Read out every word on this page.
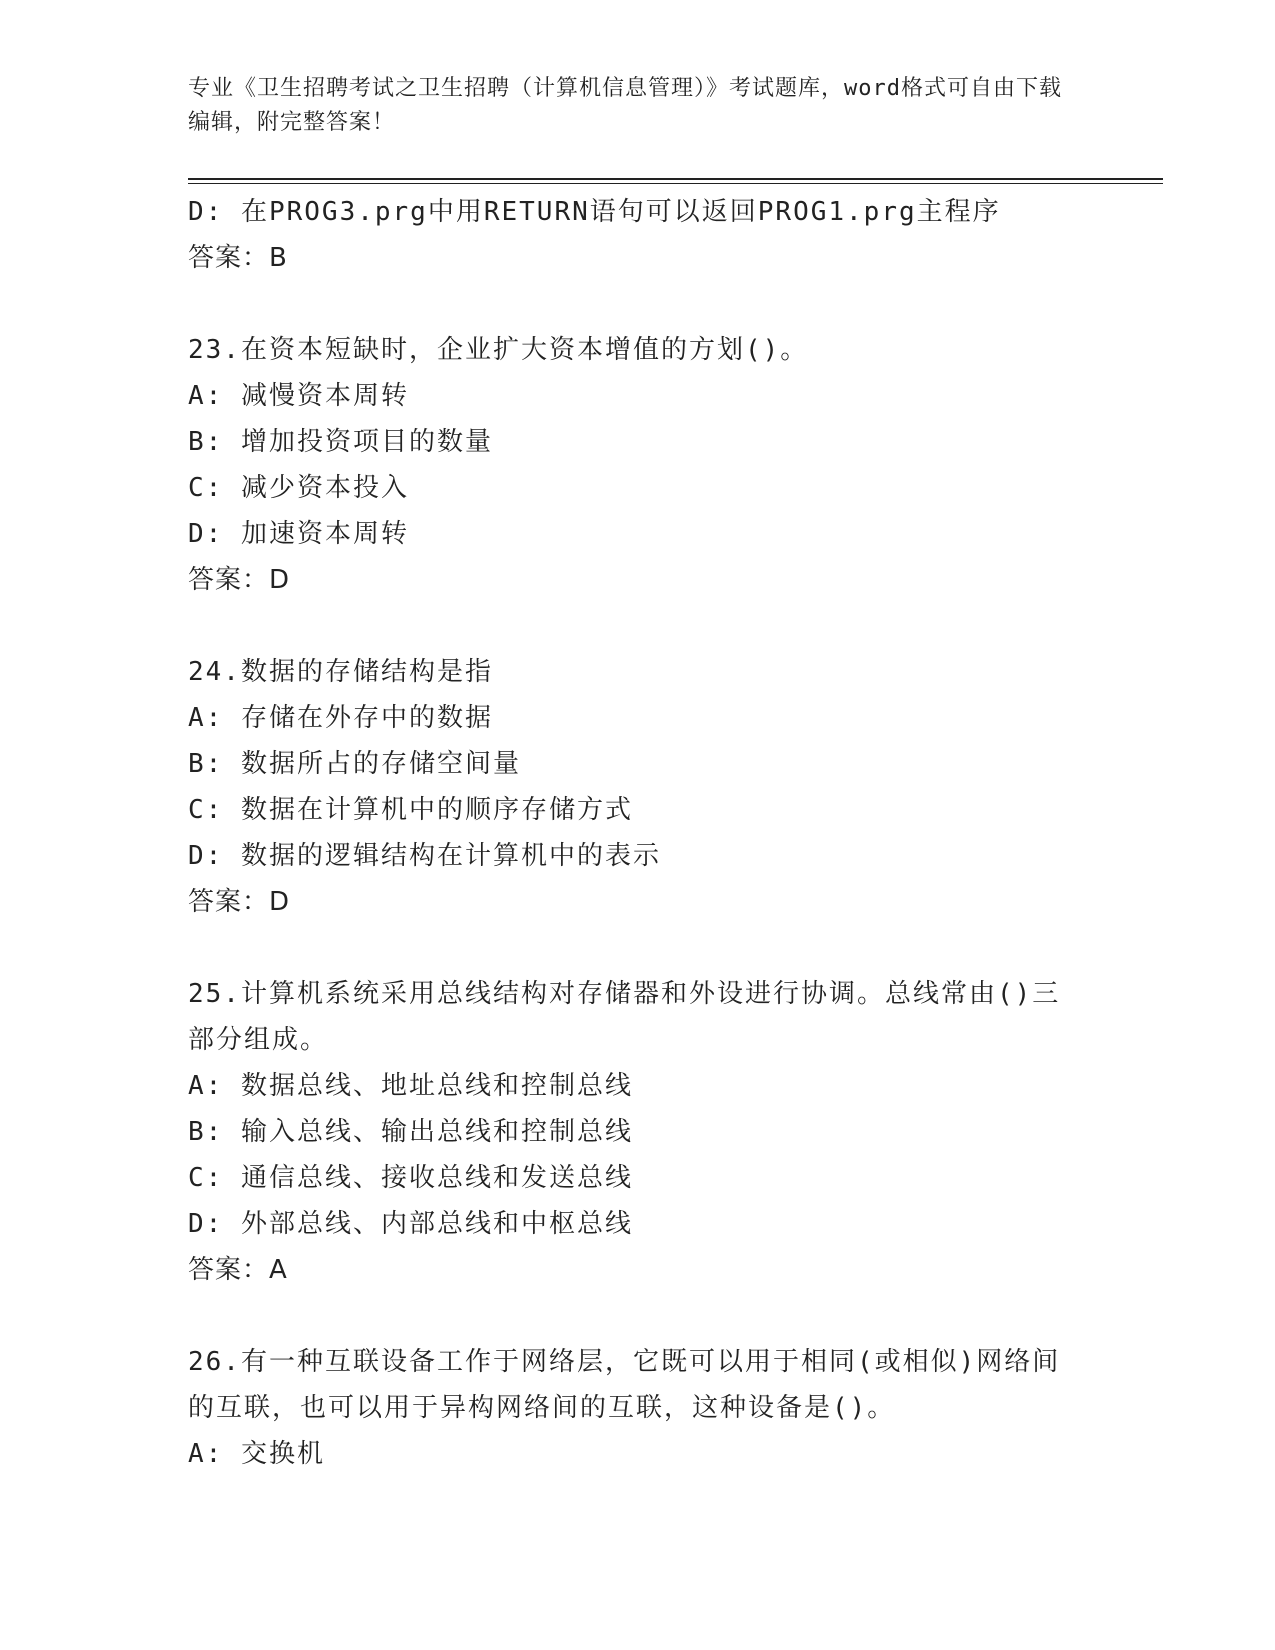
专业《卫生招聘考试之卫生招聘（计算机信息管理）》考试题库，word格式可自由下载编辑，附完整答案！
D: 在PROG3.prg中用RETURN语句可以返回PROG1.prg主程序
答案：B
23.在资本短缺时，企业扩大资本增值的方划()。
A: 减慢资本周转
B: 增加投资项目的数量
C: 减少资本投入
D: 加速资本周转
答案：D
24.数据的存储结构是指
A: 存储在外存中的数据
B: 数据所占的存储空间量
C: 数据在计算机中的顺序存储方式
D: 数据的逻辑结构在计算机中的表示
答案：D
25.计算机系统采用总线结构对存储器和外设进行协调。总线常由()三
部分组成。
A: 数据总线、地址总线和控制总线
B: 输入总线、输出总线和控制总线
C: 通信总线、接收总线和发送总线
D: 外部总线、内部总线和中枢总线
答案：A
26.有一种互联设备工作于网络层，它既可以用于相同(或相似)网络间
的互联，也可以用于异构网络间的互联，这种设备是()。
A: 交换机
